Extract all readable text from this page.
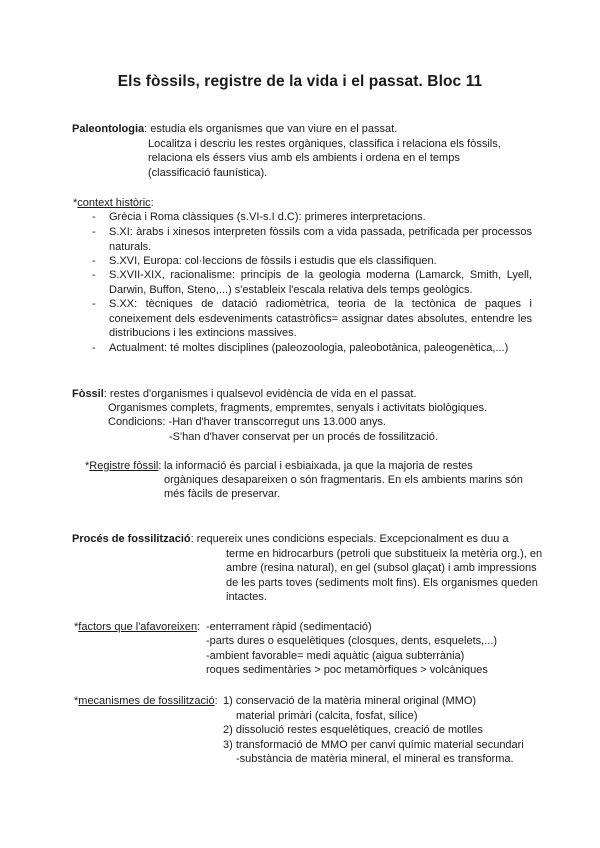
Els fòssils, registre de la vida i el passat. Bloc 11
Paleontologia: estudia els organismes que van viure en el passat.
Localitza i descriu les restes orgàniques, classifica i relaciona els fòssils,
relaciona els éssers vius amb els ambients i ordena en el temps
(classificació faunística).
*context històric:
- Grècia i Roma clàssiques (s.VI-s.I d.C): primeres interpretacions.
- S.XI: àrabs i xinesos interpreten fòssils com a vida passada, petrificada per processos naturals.
- S.XVI, Europa: col·leccions de fòssils i estudis que els classifiquen.
- S.XVII-XIX, racionalisme: principis de la geologia moderna (Lamarck, Smith, Lyell, Darwin, Buffon, Steno,...) s'estableix l'escala relativa dels temps geològics.
- S.XX: tècniques de datació radiomètrica, teoria de la tectònica de paques i coneixement dels esdeveniments catastròfics= assignar dates absolutes, entendre les distribucions i les extincions massives.
- Actualment: té moltes disciplines (paleozoologia, paleobotànica, paleogenètica,...)
Fòssil: restes d'organismes i qualsevol evidència de vida en el passat.
Organismes complets, fragments, empremtes, senyals i activitats biològiques.
Condicions: -Han d'haver transcorregut uns 13.000 anys.
-S'han d'haver conservat per un procés de fossilització.
*Registre fòssil: la informació és parcial i esbiaixada, ja que la majoria de restes
orgàniques desapareixen o són fragmentaris. En els ambients marins són
més fàcils de preservar.
Procés de fossilització: requereix unes condicions especials. Excepcionalment es duu a
terme en hidrocarburs (petroli que substitueix la metèria org.), en
ambre (resina natural), en gel (subsol glaçat) i amb impressions
de les parts toves (sediments molt fins). Els organismes queden
intactes.
*factors que l'afavoreixen: -enterrament ràpid (sedimentació)
-parts dures o esquelètiques (closques, dents, esquelets,...)
-ambient favorable= medi aquàtic (aigua subterrània)
roques sedimentàries > poc metamòrfiques > volcàniques
*mecanismes de fossilització: 1) conservació de la matèria mineral original (MMO)
material primàri (calcita, fosfat, sílice)
2) dissolució restes esquelètiques, creació de motlles
3) transformació de MMO per canvi químic material secundari
-substància de matèria mineral, el mineral es transforma.
